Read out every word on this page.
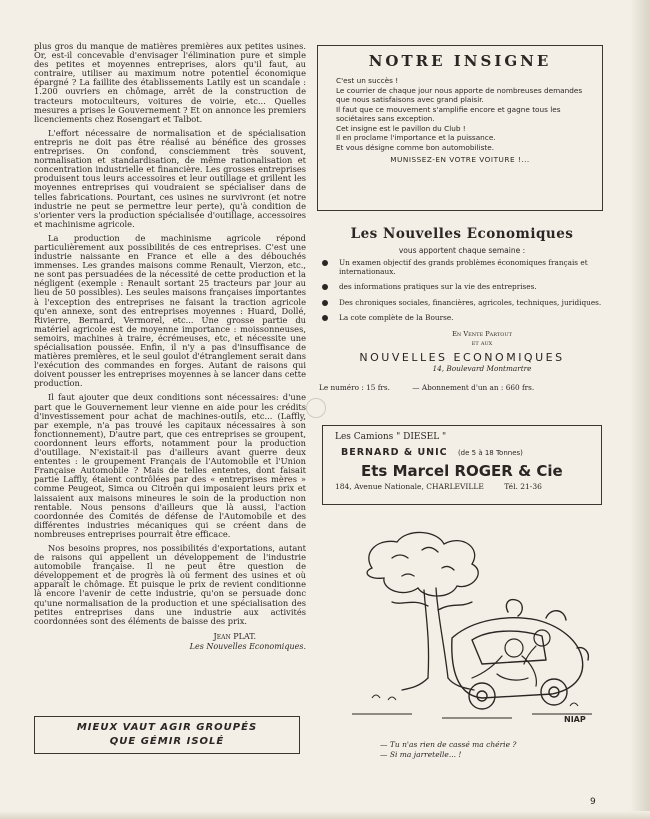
plus gros du manque de matières premières aux petites usines. Or, est-il concevable d'envisager l'élimination pure et simple des petites et moyennes entreprises, alors qu'il faut, au contraire, utiliser au maximum notre potentiel économique épargné ? La faillite des établissements Latily est un scandale : 1.200 ouvriers en chômage, arrêt de la construction de tracteurs motoculteurs, voitures de voirie, etc... Quelles mesures a prises le Gouvernement ? Et on annonce les premiers licenciements chez Rosengart et Talbot.

L'effort nécessaire de normalisation et de spécialisation entrepris ne doit pas être réalisé au bénéfice des grosses entreprises. On confond, consciemment très souvent, normalisation et standardisation, de même rationalisation et concentration industrielle et financière. Les grosses entreprises produisent tous leurs accessoires et leur outillage et grillent les moyennes entreprises qui voudraient se spécialiser dans de telles fabrications. Pourtant, ces usines ne survivront (et notre industrie ne peut se permettre leur perte), qu'à condition de s'orienter vers la production spécialisée d'outillage, accessoires et machinisme agricole.

La production de machinisme agricole répond particulièrement aux possibilités de ces entreprises. C'est une industrie naissante en France et elle a des débouchés immenses. Les grandes maisons comme Renault, Vierzon, etc., ne sont pas persuadées de la nécessité de cette production et la négligent (exemple : Renault sortant 25 tracteurs par jour au lieu de 50 possibles). Les seules maisons françaises importantes à l'exception des entreprises ne faisant la traction agricole qu'en annexe, sont des entreprises moyennes : Huard, Dollé, Rivierre, Bernard, Vermorel, etc... Une grosse partie du matériel agricole est de moyenne importance : moissonneuses, semoirs, machines à traire, écrémeuses, etc, et nécessite une spécialisation poussée. Enfin, il n'y a pas d'insuffisance de matières premières, et le seul goulot d'étranglement serait dans l'exécution des commandes en forges. Autant de raisons qui doivent pousser les entreprises moyennes à se lancer dans cette production.

Il faut ajouter que deux conditions sont nécessaires: d'une part que le Gouvernement leur vienne en aide pour les crédits d'investissement pour achat de machines-outils, etc... (Laffly, par exemple, n'a pas trouvé les capitaux nécessaires à son fonctionnement), D'autre part, que ces entreprises se groupent, coordonnent leurs efforts, notamment pour la production d'outillage. N'existait-il pas d'ailleurs avant guerre deux ententes : le groupement Français de l'Automobile et l'Union Française Automobile ? Mais de telles ententes, dont faisait partie Laffly, étaient contrôlées par des « entreprises mères » comme Peugeot, Simca ou Citroën qui imposaient leurs prix et laissaient aux maisons mineures le soin de la production non rentable. Nous pensons d'ailleurs que là aussi, l'action coordonnée des Comités de défense de l'Automobile et des différentes industries mécaniques qui se créent dans de nombreuses entreprises pourrait être efficace.

Nos besoins propres, nos possibilités d'exportations, autant de raisons qui appellent un développement de l'industrie automobile française. Il ne peut être question de développement et de progrès là où ferment des usines et où apparaît le chômage. Et puisque le prix de revient conditionne là encore l'avenir de cette industrie, qu'on se persuade donc qu'une normalisation de la production et une spécialisation des petites entreprises dans une industrie aux activités coordonnées sont des éléments de baisse des prix.

Jean PLAT.
Les Nouvelles Economiques.
MIEUX VAUT AGIR GROUPÉS
QUE GÉMIR ISOLÉ
NOTRE INSIGNE
C'est un succès !
Le courrier de chaque jour nous apporte de nombreuses demandes que nous satisfaisons avec grand plaisir.
Il faut que ce mouvement s'amplifie encore et gagne tous les sociétaires sans exception.
Cet insigne est le pavillon du Club !
Il en proclame l'importance et la puissance.
Et vous désigne comme bon automobiliste.
MUNISSEZ-EN VOTRE VOITURE !...
Les Nouvelles Economiques
vous apportent chaque semaine :
Un examen objectif des grands problèmes économiques français et internationaux.
des informations pratiques sur la vie des entreprises.
Des chroniques sociales, financières, agricoles, techniques, juridiques.
La cote complète de la Bourse.
En Vente Partout
et aux
NOUVELLES ECONOMIQUES
14, Boulevard Montmartre
Le numéro : 15 frs.	— Abonnement d'un an : 660 frs.
Les Camions " DIESEL "
BERNARD & UNIC (de 5 à 18 Tonnes)
Ets Marcel ROGER & Cie
184, Avenue Nationale, CHARLEVILLE	Tél. 21-36
NIAP
— Tu n'as rien de cassé ma chérie ?
— Si ma jarretelle... !
9
